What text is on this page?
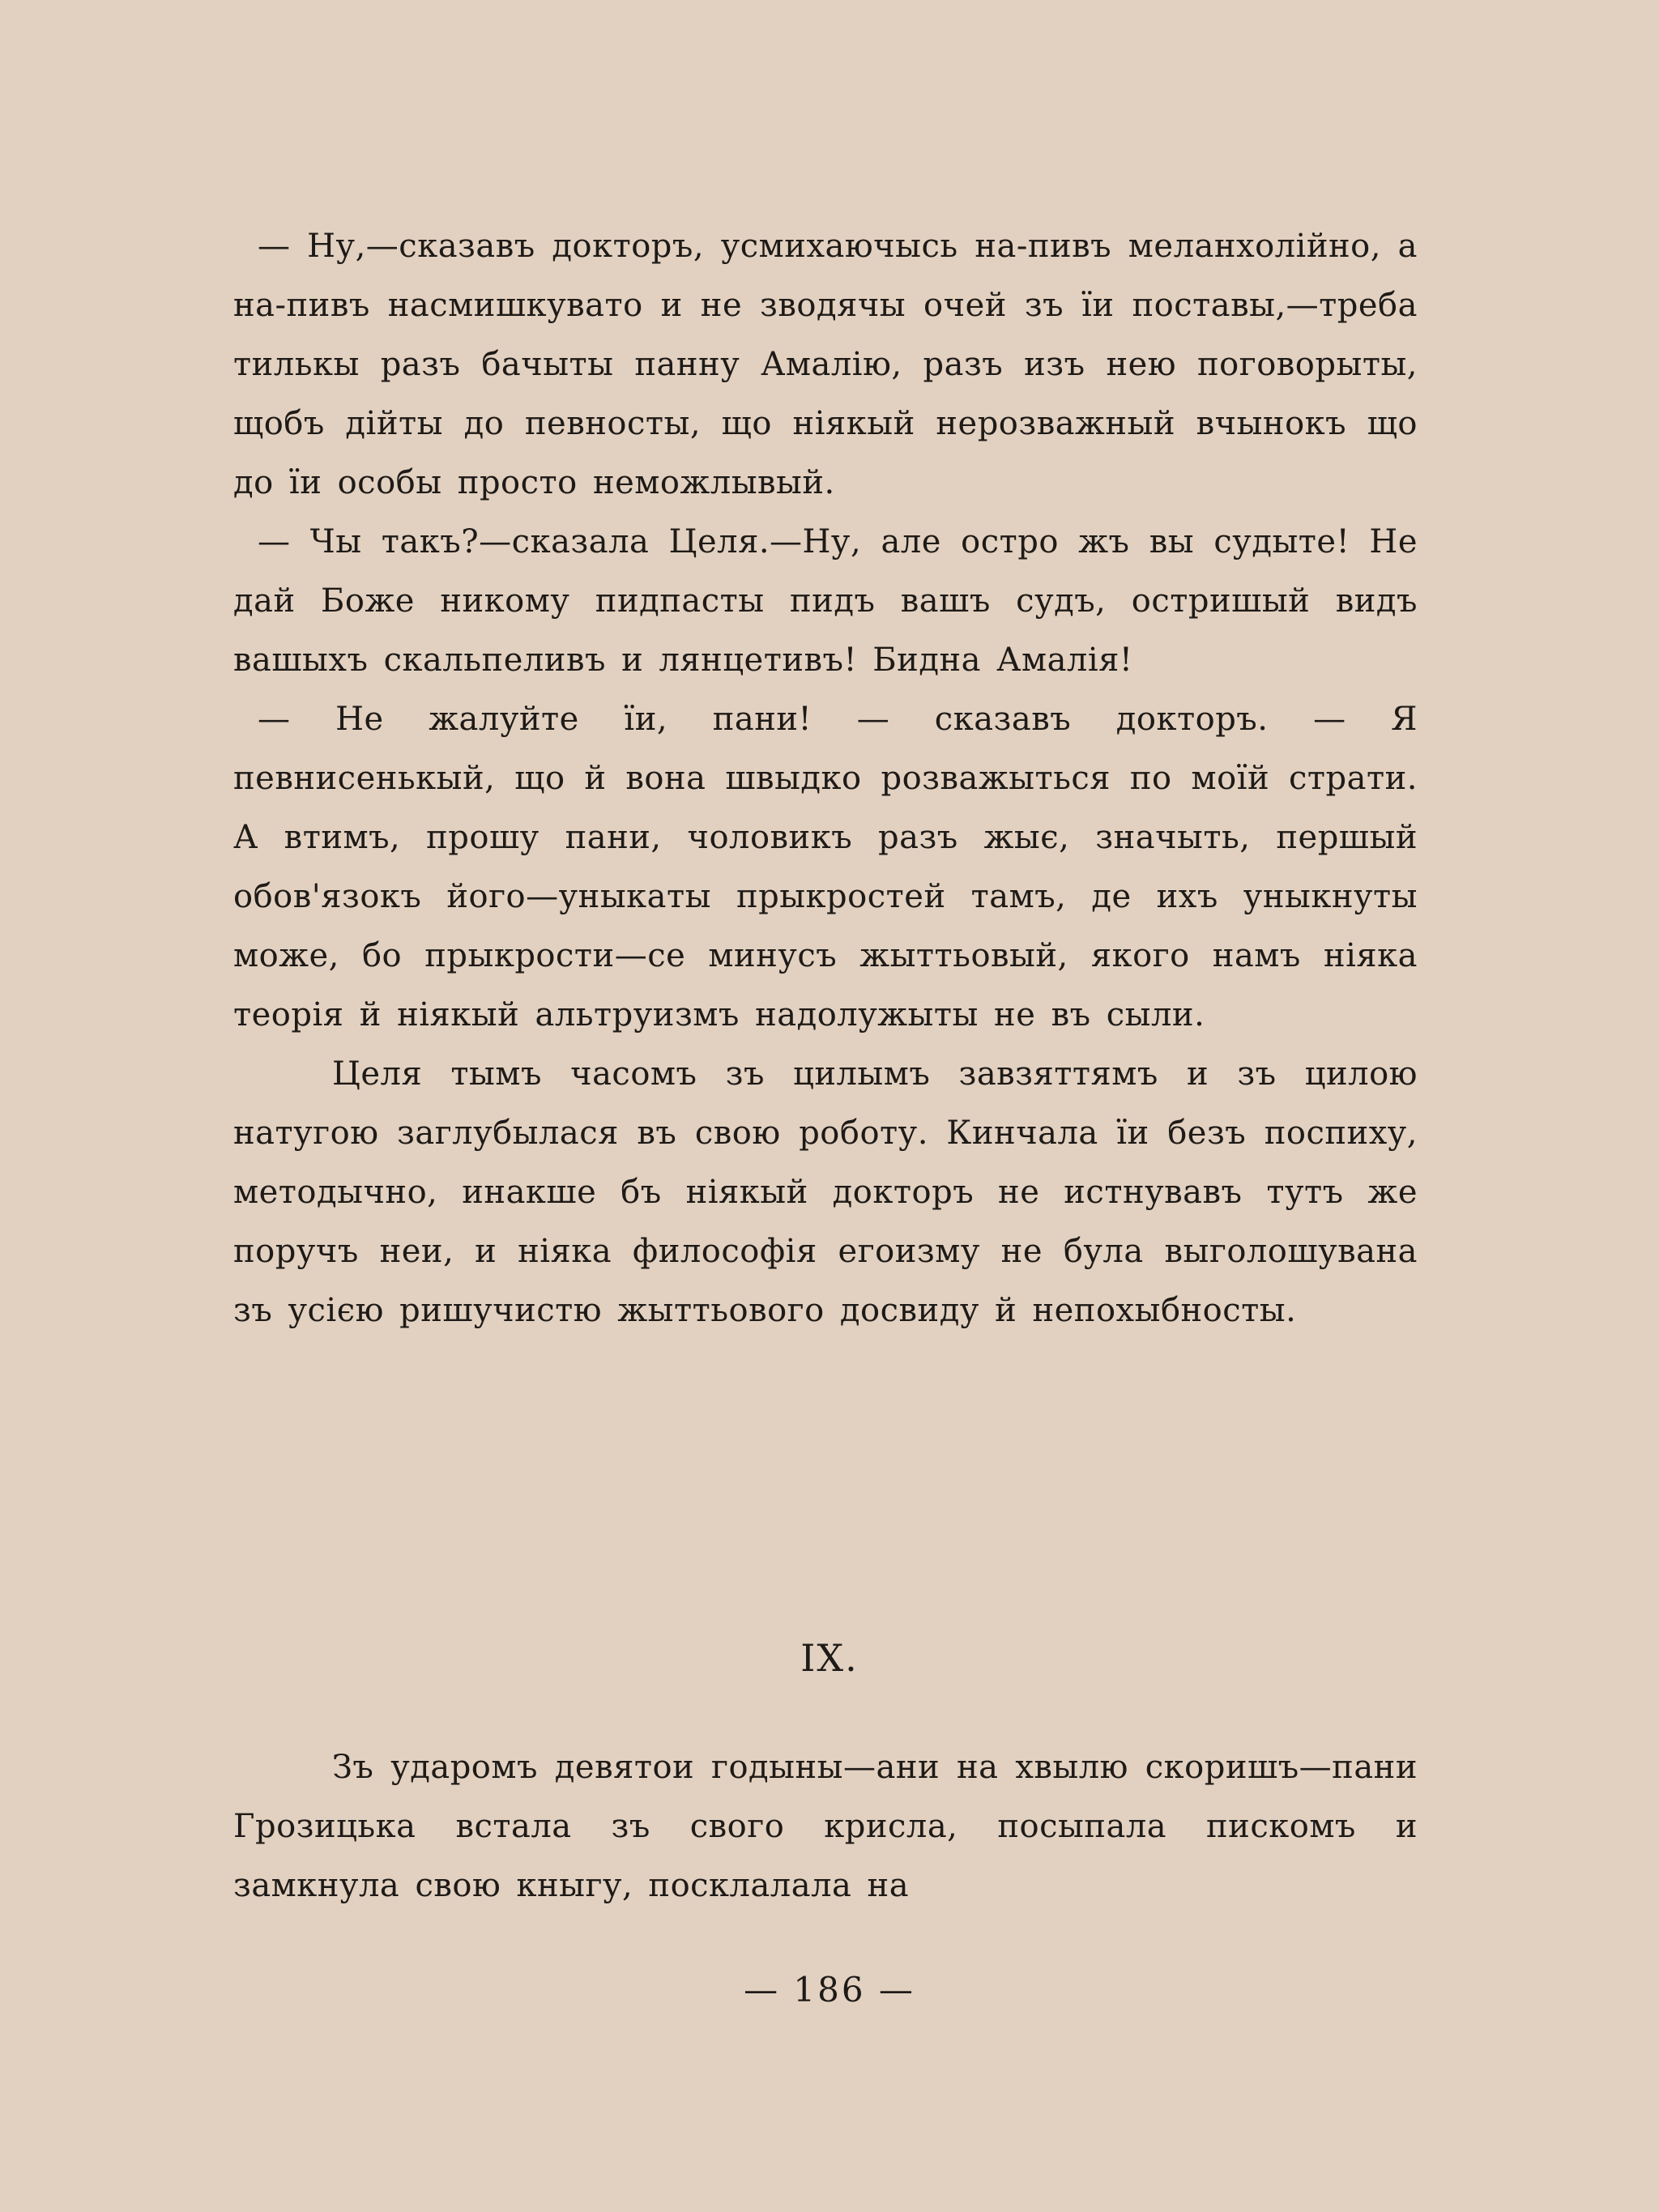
— Ну,—сказавъ докторъ, усмихаючысь на-пивъ меланхолійно, а на-пивъ насмишкувато и не зводячы очей зъ ïи поставы,—треба тилькы разъ бачыты панну Амалію, разъ изъ нею поговорыты, щобъ дійты до певносты, що ніякый нерозважный вчынокъ що до ïи особы просто неможлывый.

— Чы такъ?—сказала Целя.—Ну, але остро жъ вы судыте! Не дай Боже никому пидпасты пидъ вашъ судъ, остришый видъ вашыхъ скальпеливъ и лянцетивъ! Бидна Амалія!

— Не жалуйте ïи, пани! — сказавъ докторъ. — Я певнисенькый, що й вона швыдко розважыться по моïй страти. А втимъ, прошу пани, чоловикъ разъ жыє, значыть, першый обов'язокъ його—уныкаты прыкростей тамъ, де ихъ уныкнуты може, бо прыкрости—се минусъ жыттьовый, якого намъ ніяка теорія й ніякый альтруизмъ надолужыты не въ сыли.

Целя тымъ часомъ зъ цилымъ завзяттямъ и зъ цилою натугою заглубылася въ свою роботу. Кинчала ïи безъ поспиху, методычно, инакше бъ ніякый докторъ не истнувавъ тутъ же поручъ неи, и ніяка философія егоизму не була выголошувана зъ усією ришучистю жыттьового досвиду й непохыбносты.

IX.

Зъ ударомъ девятои годыны—ани на хвылю скоришъ—пани Грозицька встала зъ свого крисла, посыпала пискомъ и замкнула свою кныгу, посклалала на

— 186 —
